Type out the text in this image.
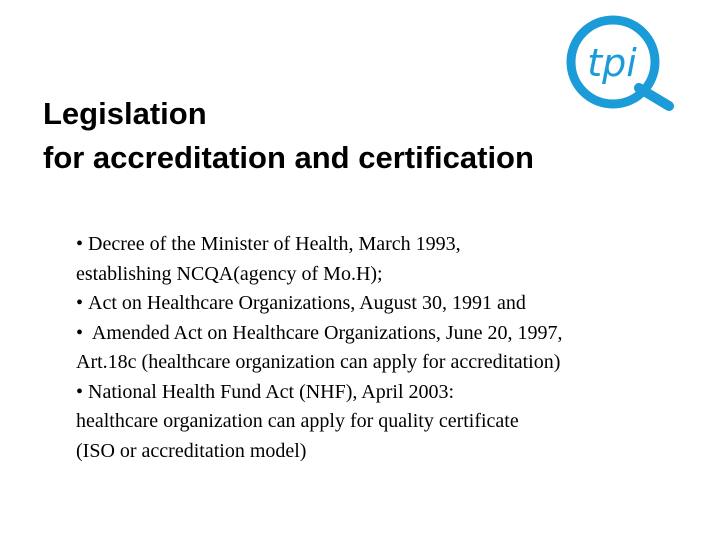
tpi
Legislation
for accreditation and certification
• Decree of the Minister of Health, March 1993,
establishing NCQA(agency of Mo.H);
• Act on Healthcare Organizations, August 30, 1991 and
• Amended Act on Healthcare Organizations, June 20, 1997,
Art.18c (healthcare organization can apply for accreditation)
• National Health Fund Act (NHF), April 2003:
healthcare organization can apply for quality certificate
(ISO or accreditation model)
